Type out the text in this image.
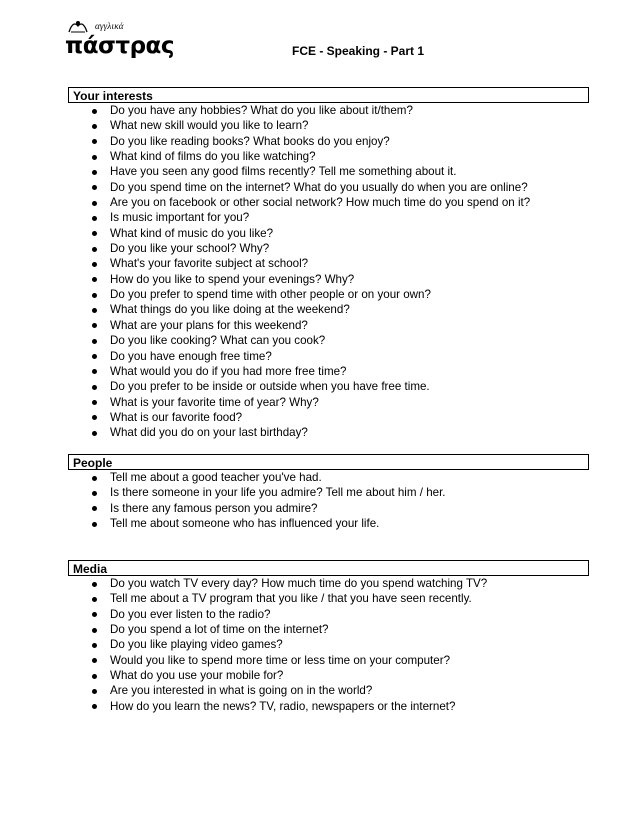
αγγλικά
πάστρας	FCE - Speaking - Part 1
Your interests
Do you have any hobbies? What do you like about it/them?
What new skill would you like to learn?
Do you like reading books? What books do you enjoy?
What kind of films do you like watching?
Have you seen any good films recently? Tell me something about it.
Do you spend time on the internet? What do you usually do when you are online?
Are you on facebook or other social network? How much time do you spend on it?
Is music important for you?
What kind of music do you like?
Do you like your school? Why?
What's your favorite subject at school?
How do you like to spend your evenings? Why?
Do you prefer to spend time with other people or on your own?
What things do you like doing at the weekend?
What are your plans for this weekend?
Do you like cooking? What can you cook?
Do you have enough free time?
What would you do if you had more free time?
Do you prefer to be inside or outside when you have free time.
What is your favorite time of year? Why?
What is our favorite food?
What did you do on your last birthday?
People
Tell me about a good teacher you've had.
Is there someone in your life you admire? Tell me about him / her.
Is there any famous person you admire?
Tell me about someone who has influenced your life.
Media
Do you watch TV every day? How much time do you spend watching TV?
Tell me about a TV program that you like / that you have seen recently.
Do you ever listen to the radio?
Do you spend a lot of time on the internet?
Do you like playing video games?
Would you like to spend more time or less time on your computer?
What do you use your mobile for?
Are you interested in what is going on in the world?
How do you learn the news? TV, radio, newspapers or the internet?
